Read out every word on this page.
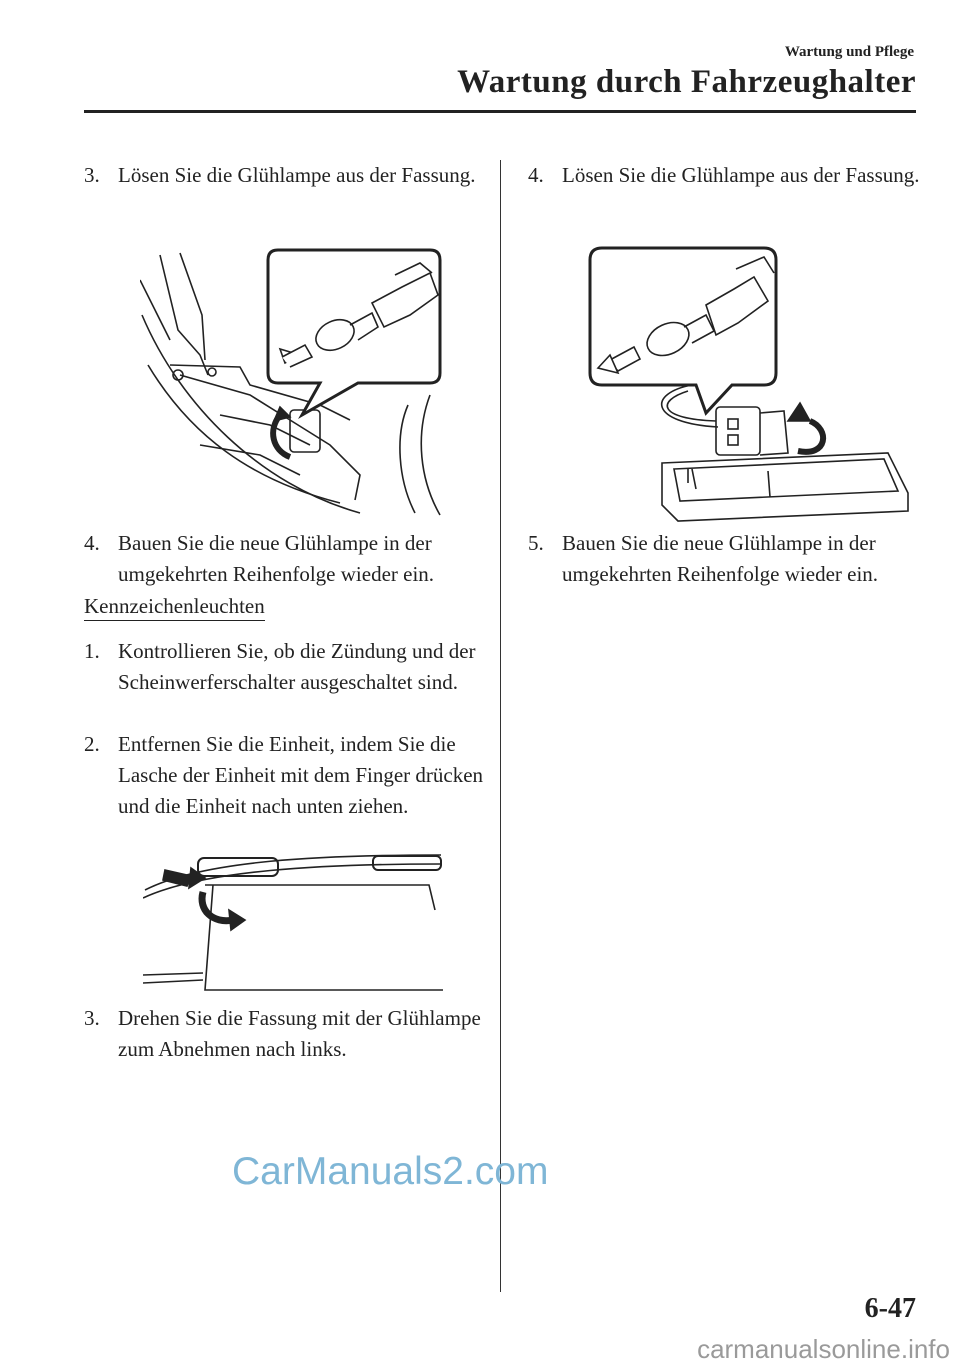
Wartung und Pflege
Wartung durch Fahrzeughalter
3. Lösen Sie die Glühlampe aus der Fassung.
4. Bauen Sie die neue Glühlampe in der umgekehrten Reihenfolge wieder ein.
Kennzeichenleuchten
1. Kontrollieren Sie, ob die Zündung und der Scheinwerferschalter ausgeschaltet sind.
2. Entfernen Sie die Einheit, indem Sie die Lasche der Einheit mit dem Finger drücken und die Einheit nach unten ziehen.
3. Drehen Sie die Fassung mit der Glühlampe zum Abnehmen nach links.
4. Lösen Sie die Glühlampe aus der Fassung.
5. Bauen Sie die neue Glühlampe in der umgekehrten Reihenfolge wieder ein.
CarManuals2.com
6-47
carmanualsonline.info
